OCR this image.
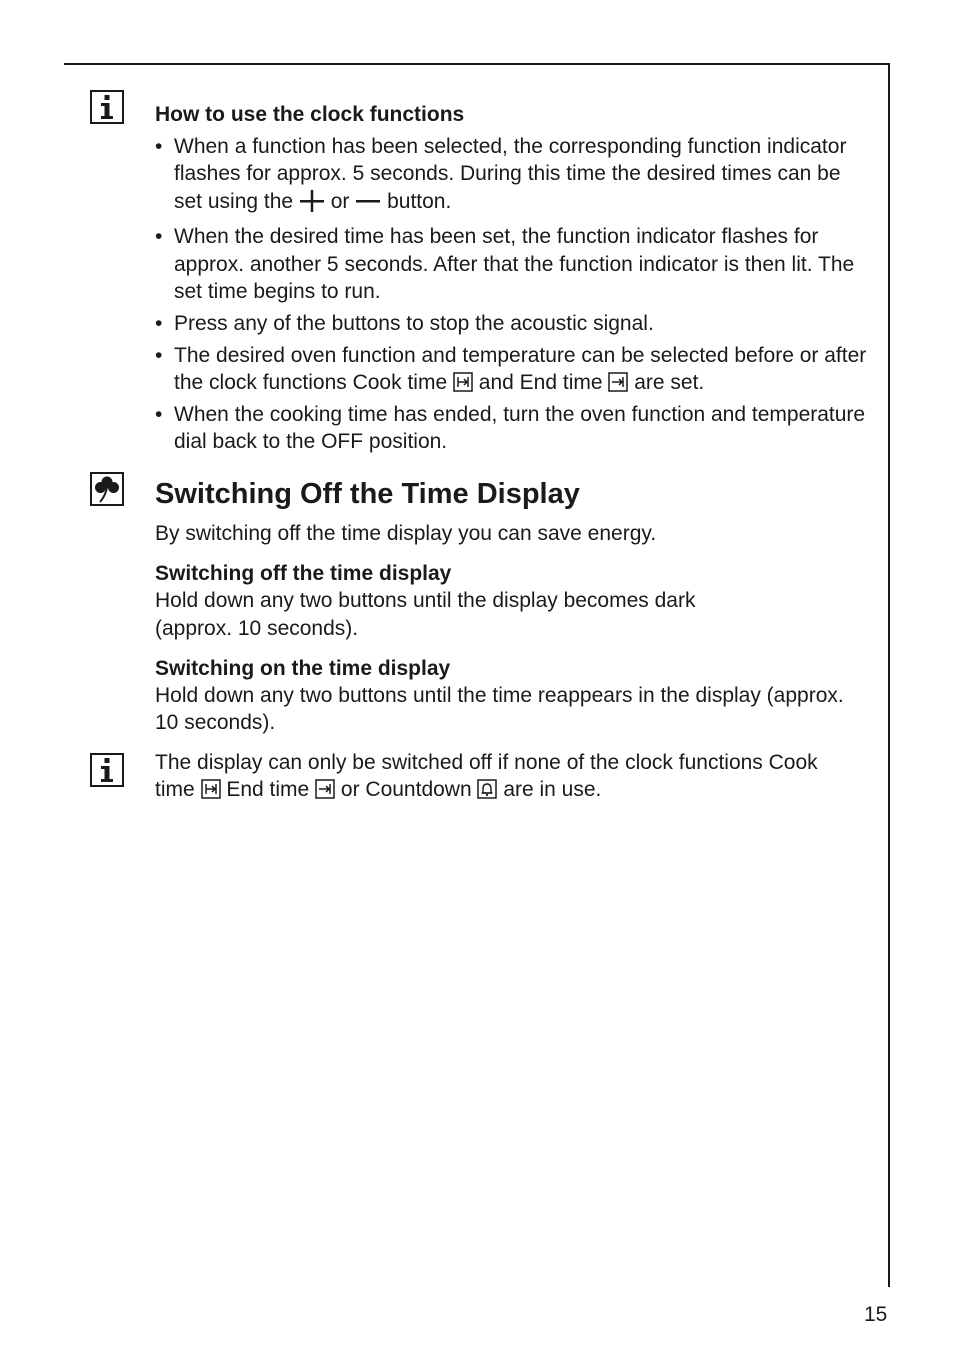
How to use the clock functions

• When a function has been selected, the corresponding function indicator flashes for approx. 5 seconds. During this time the desired times can be set using the  or  button.
• When the desired time has been set, the function indicator flashes for approx. another 5 seconds. After that the function indicator is then lit. The set time begins to run.
• Press any of the buttons to stop the acoustic signal.
• The desired oven function and temperature can be selected before or after the clock functions Cook time
and End time
are set.
• When the cooking time has ended, turn the oven function and temperature dial back to the OFF position.
Switching Off the Time Display

By switching off the time display you can save energy.

Switching off the time display

Hold down any two buttons until the display becomes dark (approx. 10 seconds).

Switching on the time display

Hold down any two buttons until the time reappears in the display (approx. 10 seconds).

The display can only be switched off if none of the clock functions Cook time
End time
or Countdown
are in use.

15
